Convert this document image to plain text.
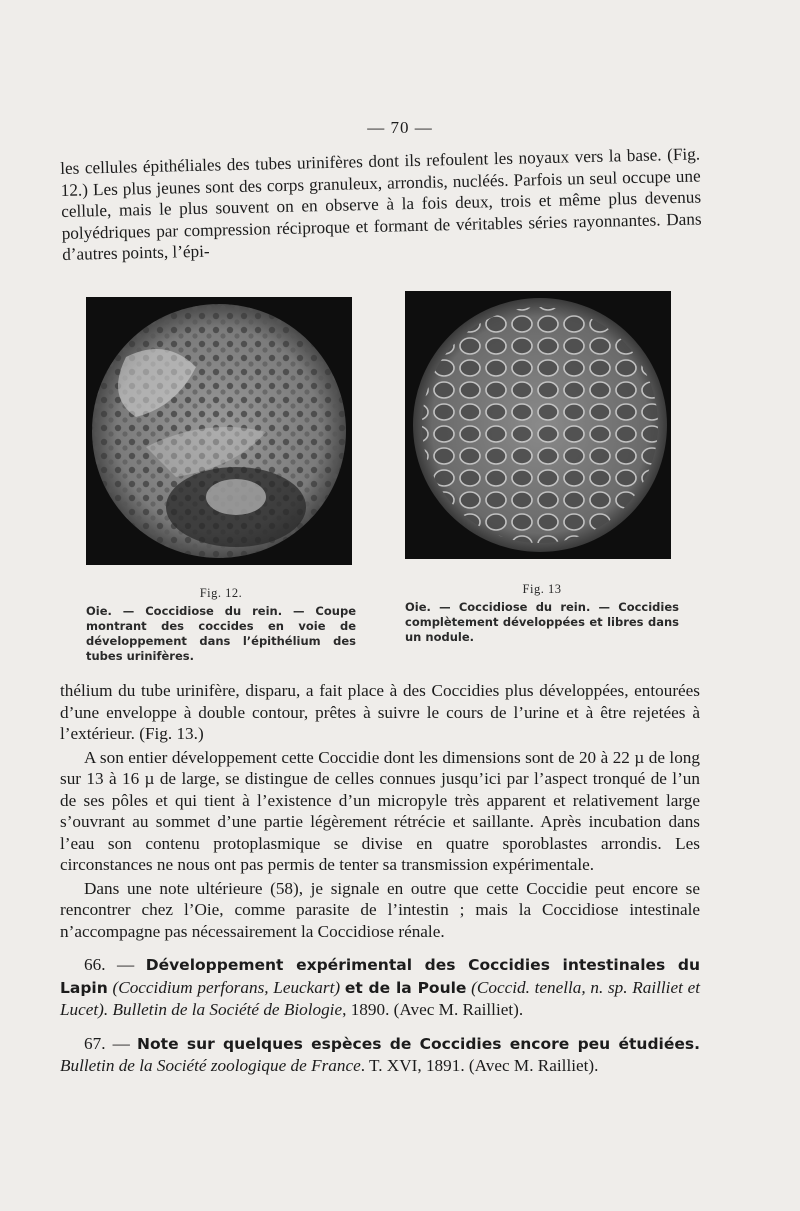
— 70 —
les cellules épithéliales des tubes urinifères dont ils refoulent les noyaux vers la base. (Fig. 12.) Les plus jeunes sont des corps granuleux, arrondis, nucléés. Parfois un seul occupe une cellule, mais le plus souvent on en observe à la fois deux, trois et même plus devenus polyédriques par compression réciproque et formant de véritables séries rayonnantes. Dans d’autres points, l’épi-
Fig. 12.
Oie. — Coccidiose du rein. — Coupe montrant des coccides en voie de développement dans l’épithélium des tubes urinifères.
Fig. 13
Oie. — Coccidiose du rein. — Coccidies complètement développées et libres dans un nodule.

thélium du tube urinifère, disparu, a fait place à des Coccidies plus développées, entourées d’une enveloppe à double contour, prêtes à suivre le cours de l’urine et à être rejetées à l’extérieur. (Fig. 13.)

A son entier développement cette Coccidie dont les dimensions sont de 20 à 22 µ de long sur 13 à 16 µ de large, se distingue de celles connues jusqu’ici par l’aspect tronqué de l’un de ses pôles et qui tient à l’existence d’un micropyle très apparent et relativement large s’ouvrant au sommet d’une partie légèrement rétrécie et saillante. Après incubation dans l’eau son contenu protoplasmique se divise en quatre sporoblastes arrondis. Les circonstances ne nous ont pas permis de tenter sa transmission expérimentale.

Dans une note ultérieure (58), je signale en outre que cette Coccidie peut encore se rencontrer chez l’Oie, comme parasite de l’intestin ; mais la Coccidiose intestinale n’accompagne pas nécessairement la Coccidiose rénale.

66. — Développement expérimental des Coccidies intestinales du Lapin (Coccidium perforans, Leuckart) et de la Poule (Coccid. tenella, n. sp. Railliet et Lucet). Bulletin de la Société de Biologie, 1890. (Avec M. Railliet).

67. — Note sur quelques espèces de Coccidies encore peu étudiées. Bulletin de la Société zoologique de France. T. XVI, 1891. (Avec M. Railliet).
